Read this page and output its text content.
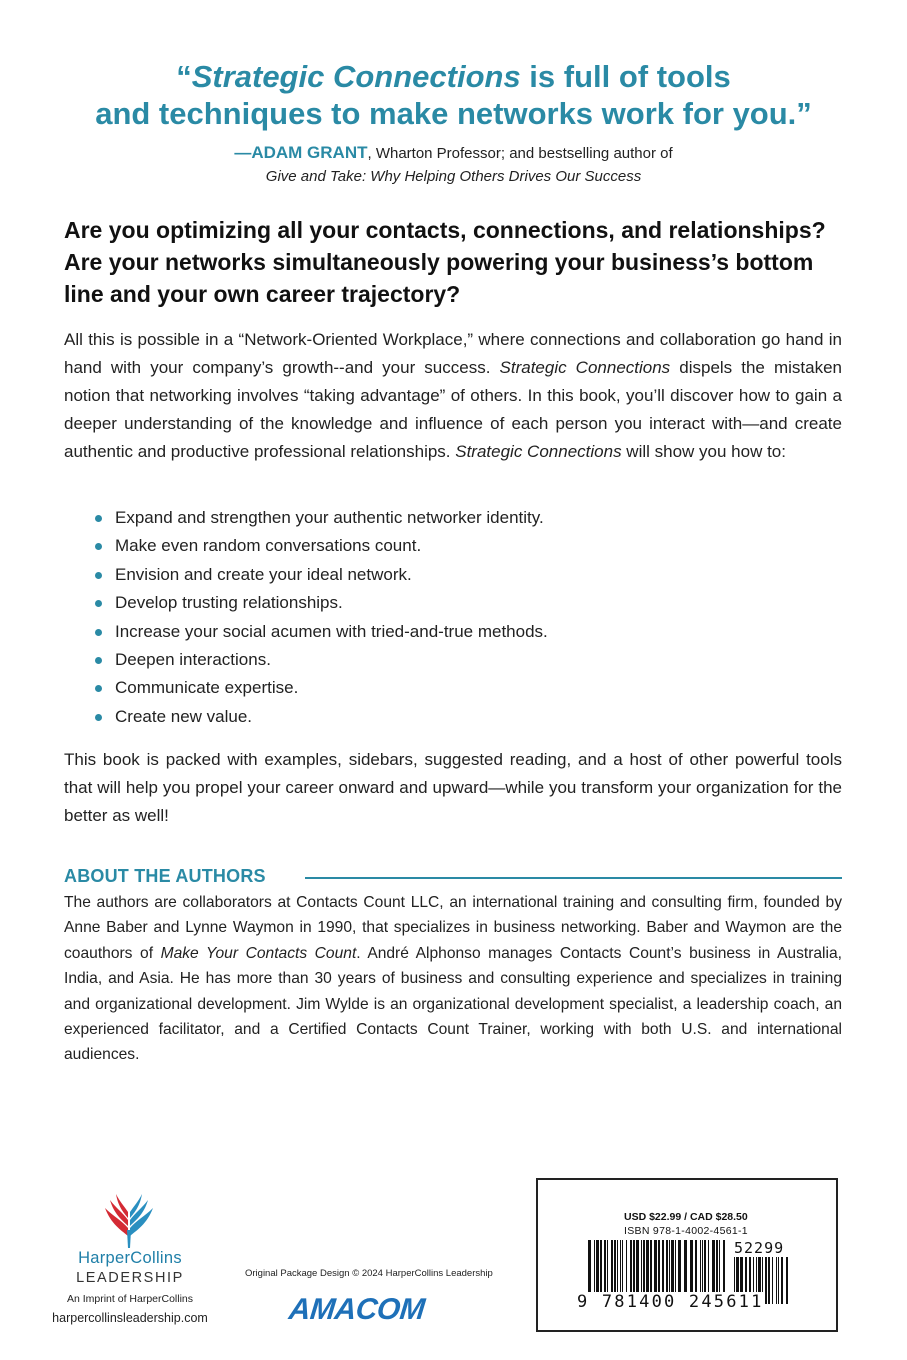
“Strategic Connections is full of tools
and techniques to make networks work for you.”
—ADAM GRANT, Wharton Professor; and bestselling author of
Give and Take: Why Helping Others Drives Our Success
Are you optimizing all your contacts, connections, and relationships? Are your networks simultaneously powering your business’s bottom line and your own career trajectory?
All this is possible in a “Network-Oriented Workplace,” where connections and collaboration go hand in hand with your company’s growth--and your success. Strategic Connections dispels the mistaken notion that networking involves “taking advantage” of others. In this book, you’ll discover how to gain a deeper understanding of the knowledge and influence of each person you interact with—and create authentic and productive professional relationships. Strategic Connections will show you how to:
Expand and strengthen your authentic networker identity.
Make even random conversations count.
Envision and create your ideal network.
Develop trusting relationships.
Increase your social acumen with tried-and-true methods.
Deepen interactions.
Communicate expertise.
Create new value.
This book is packed with examples, sidebars, suggested reading, and a host of other powerful tools that will help you propel your career onward and upward—while you transform your organization for the better as well!
ABOUT THE AUTHORS
The authors are collaborators at Contacts Count LLC, an international training and consulting firm, founded by Anne Baber and Lynne Waymon in 1990, that specializes in business networking. Baber and Waymon are the coauthors of Make Your Contacts Count. André Alphonso manages Contacts Count’s business in Australia, India, and Asia. He has more than 30 years of business and consulting experience and specializes in training and organizational development. Jim Wylde is an organizational development specialist, a leadership coach, an experienced facilitator, and a Certified Contacts Count Trainer, working with both U.S. and international audiences.
HarperCollins
LEADERSHIP
An Imprint of HarperCollins
harpercollinsleadership.com
Original Package Design © 2024 HarperCollins Leadership
AMACOM
USD $22.99 / CAD $28.50
ISBN 978-1-4002-4561-1
52299
9 781400 245611
